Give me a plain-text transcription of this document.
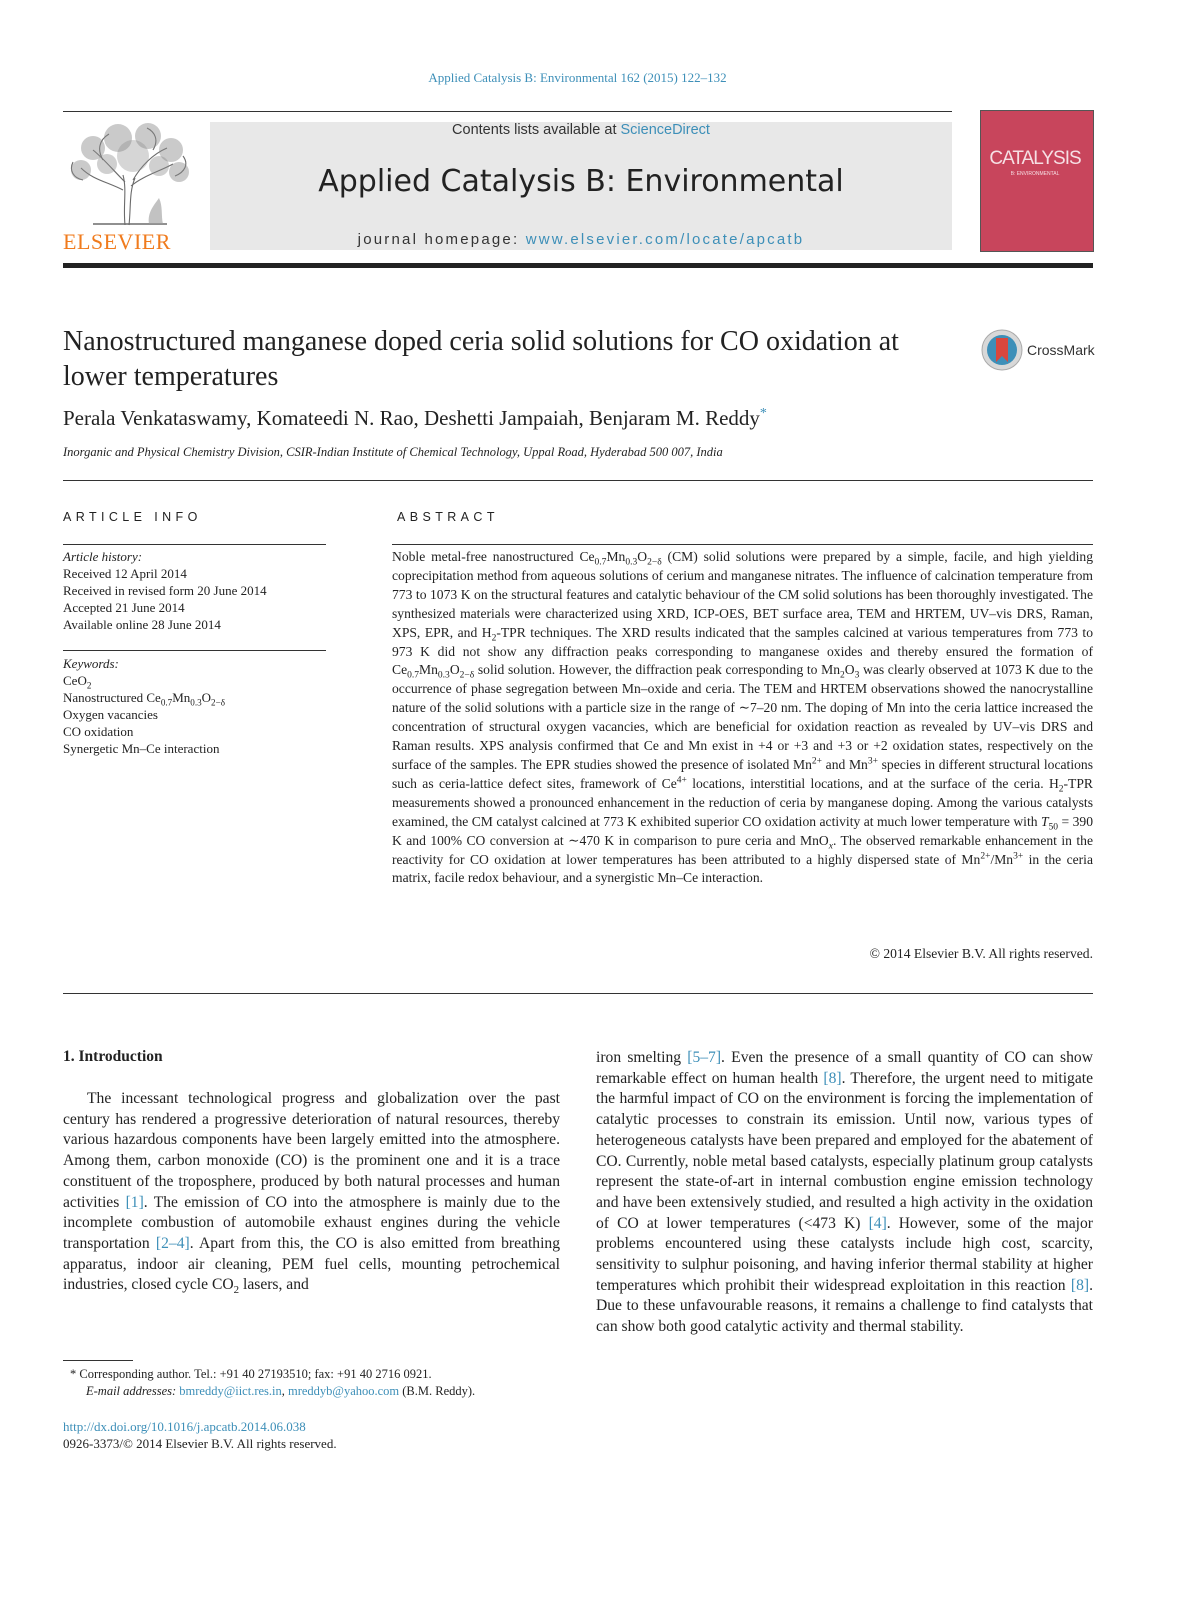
Applied Catalysis B: Environmental 162 (2015) 122–132
ELSEVIER
Contents lists available at ScienceDirect
Applied Catalysis B: Environmental
journal homepage: www.elsevier.com/locate/apcatb
CATALYSIS
B: ENVIRONMENTAL
Nanostructured manganese doped ceria solid solutions for CO oxidation at lower temperatures
CrossMark
Perala Venkataswamy, Komateedi N. Rao, Deshetti Jampaiah, Benjaram M. Reddy*
Inorganic and Physical Chemistry Division, CSIR-Indian Institute of Chemical Technology, Uppal Road, Hyderabad 500 007, India
ARTICLE INFO
Article history:
Received 12 April 2014
Received in revised form 20 June 2014
Accepted 21 June 2014
Available online 28 June 2014
Keywords:
CeO$_2$
Nanostructured $Ce_{0.7}Mn_{0.3}O_{2-\delta}$
Oxygen vacancies
CO oxidation
Synergetic Mn–Ce interaction
ABSTRACT
Noble metal-free nanostructured $Ce_{0.7}Mn_{0.3}O_{2-\delta}$ (CM) solid solutions were prepared by a simple, facile, and high yielding coprecipitation method from aqueous solutions of cerium and manganese nitrates. The influence of calcination temperature from 773 to 1073 K on the structural features and catalytic behaviour of the CM solid solutions has been thoroughly investigated. The synthesized materials were characterized using XRD, ICP-OES, BET surface area, TEM and HRTEM, UV–vis DRS, Raman, XPS, EPR, and $H_2$-TPR techniques. The XRD results indicated that the samples calcined at various temperatures from 773 to 973 K did not show any diffraction peaks corresponding to manganese oxides and thereby ensured the formation of $Ce_{0.7}Mn_{0.3}O_{2-\delta}$ solid solution. However, the diffraction peak corresponding to $Mn_2O_3$ was clearly observed at 1073 K due to the occurrence of phase segregation between Mn–oxide and ceria. The TEM and HRTEM observations showed the nanocrystalline nature of the solid solutions with a particle size in the range of ∼7–20 nm. The doping of Mn into the ceria lattice increased the concentration of structural oxygen vacancies, which are beneficial for oxidation reaction as revealed by UV–vis DRS and Raman results. XPS analysis confirmed that Ce and Mn exist in +4 or +3 and +3 or +2 oxidation states, respectively on the surface of the samples. The EPR studies showed the presence of isolated $Mn^{2+}$ and $Mn^{3+}$ species in different structural locations such as ceria-lattice defect sites, framework of $Ce^{4+}$ locations, interstitial locations, and at the surface of the ceria. $H_2$-TPR measurements showed a pronounced enhancement in the reduction of ceria by manganese doping. Among the various catalysts examined, the CM catalyst calcined at 773 K exhibited superior CO oxidation activity at much lower temperature with $T_{50} = 390$ K and 100% CO conversion at ∼470 K in comparison to pure ceria and MnO$_x$. The observed remarkable enhancement in the reactivity for CO oxidation at lower temperatures has been attributed to a highly dispersed state of $Mn^{2+}/Mn^{3+}$ in the ceria matrix, facile redox behaviour, and a synergistic Mn–Ce interaction.
© 2014 Elsevier B.V. All rights reserved.
1. Introduction
The incessant technological progress and globalization over the past century has rendered a progressive deterioration of natural resources, thereby various hazardous components have been largely emitted into the atmosphere. Among them, carbon monoxide (CO) is the prominent one and it is a trace constituent of the troposphere, produced by both natural processes and human activities [1]. The emission of CO into the atmosphere is mainly due to the incomplete combustion of automobile exhaust engines during the vehicle transportation [2–4]. Apart from this, the CO is also emitted from breathing apparatus, indoor air cleaning, PEM fuel cells, mounting petrochemical industries, closed cycle $CO_2$ lasers, and
iron smelting [5–7]. Even the presence of a small quantity of CO can show remarkable effect on human health [8]. Therefore, the urgent need to mitigate the harmful impact of CO on the environment is forcing the implementation of catalytic processes to constrain its emission. Until now, various types of heterogeneous catalysts have been prepared and employed for the abatement of CO. Currently, noble metal based catalysts, especially platinum group catalysts represent the state-of-art in internal combustion engine emission technology and have been extensively studied, and resulted a high activity in the oxidation of CO at lower temperatures (<473 K) [4]. However, some of the major problems encountered using these catalysts include high cost, scarcity, sensitivity to sulphur poisoning, and having inferior thermal stability at higher temperatures which prohibit their widespread exploitation in this reaction [8]. Due to these unfavourable reasons, it remains a challenge to find catalysts that can show both good catalytic activity and thermal stability.
* Corresponding author. Tel.: +91 40 27193510; fax: +91 40 2716 0921.
E-mail addresses: bmreddy@iict.res.in, mreddyb@yahoo.com (B.M. Reddy).
http://dx.doi.org/10.1016/j.apcatb.2014.06.038
0926-3373/© 2014 Elsevier B.V. All rights reserved.
